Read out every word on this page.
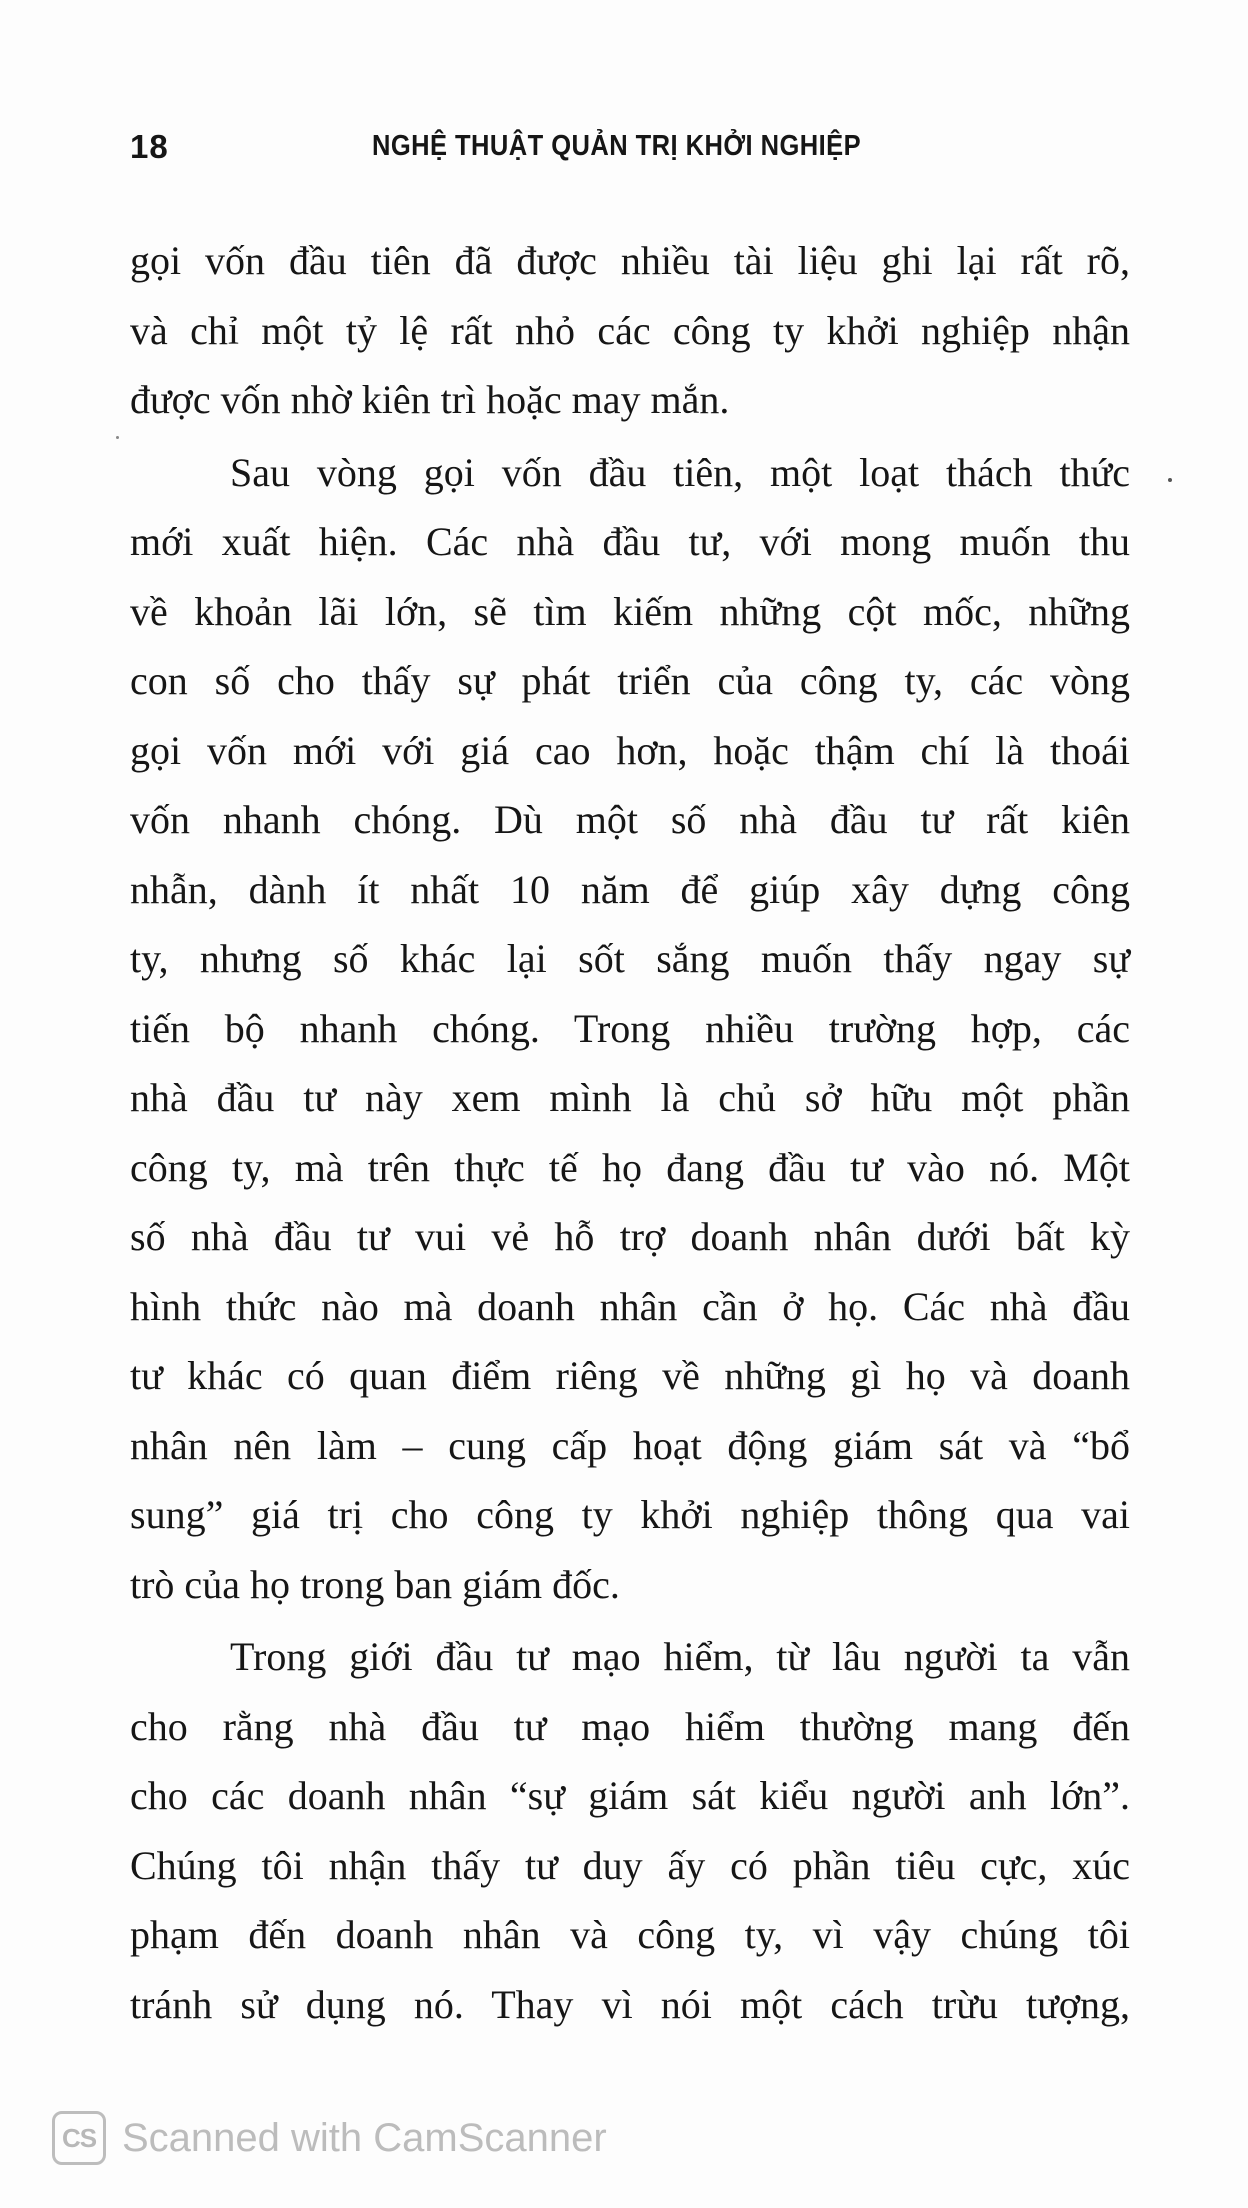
18	NGHỆ THUẬT QUẢN TRỊ KHỞI NGHIỆP
gọi vốn đầu tiên đã được nhiều tài liệu ghi lại rất rõ,
và chỉ một tỷ lệ rất nhỏ các công ty khởi nghiệp nhận
được vốn nhờ kiên trì hoặc may mắn.
Sau vòng gọi vốn đầu tiên, một loạt thách thức
mới xuất hiện. Các nhà đầu tư, với mong muốn thu
về khoản lãi lớn, sẽ tìm kiếm những cột mốc, những
con số cho thấy sự phát triển của công ty, các vòng
gọi vốn mới với giá cao hơn, hoặc thậm chí là thoái
vốn nhanh chóng. Dù một số nhà đầu tư rất kiên
nhẫn, dành ít nhất 10 năm để giúp xây dựng công
ty, nhưng số khác lại sốt sắng muốn thấy ngay sự
tiến bộ nhanh chóng. Trong nhiều trường hợp, các
nhà đầu tư này xem mình là chủ sở hữu một phần
công ty, mà trên thực tế họ đang đầu tư vào nó. Một
số nhà đầu tư vui vẻ hỗ trợ doanh nhân dưới bất kỳ
hình thức nào mà doanh nhân cần ở họ. Các nhà đầu
tư khác có quan điểm riêng về những gì họ và doanh
nhân nên làm – cung cấp hoạt động giám sát và “bổ
sung” giá trị cho công ty khởi nghiệp thông qua vai
trò của họ trong ban giám đốc.
Trong giới đầu tư mạo hiểm, từ lâu người ta vẫn
cho rằng nhà đầu tư mạo hiểm thường mang đến
cho các doanh nhân “sự giám sát kiểu người anh lớn”.
Chúng tôi nhận thấy tư duy ấy có phần tiêu cực, xúc
phạm đến doanh nhân và công ty, vì vậy chúng tôi
tránh sử dụng nó. Thay vì nói một cách trừu tượng,
CS Scanned with CamScanner
